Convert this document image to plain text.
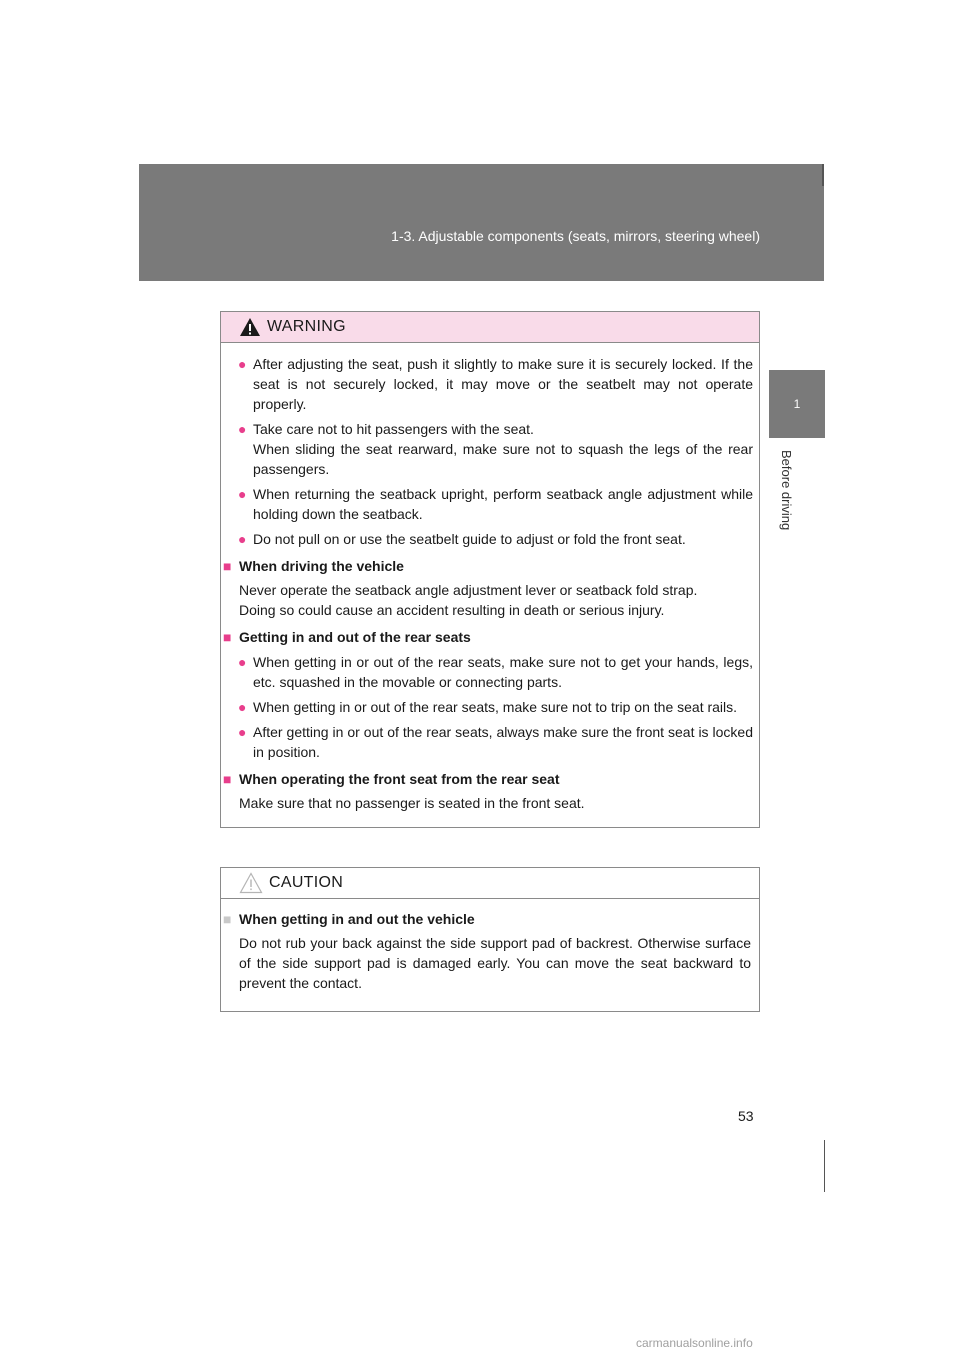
1-3. Adjustable components (seats, mirrors, steering wheel)
1
Before driving
WARNING
● After adjusting the seat, push it slightly to make sure it is securely locked. If the seat is not securely locked, it may move or the seatbelt may not operate properly.
● Take care not to hit passengers with the seat.
When sliding the seat rearward, make sure not to squash the legs of the rear passengers.
● When returning the seatback upright, perform seatback angle adjustment while holding down the seatback.
● Do not pull on or use the seatbelt guide to adjust or fold the front seat.
■ When driving the vehicle
Never operate the seatback angle adjustment lever or seatback fold strap.
Doing so could cause an accident resulting in death or serious injury.
■ Getting in and out of the rear seats
● When getting in or out of the rear seats, make sure not to get your hands, legs, etc. squashed in the movable or connecting parts.
● When getting in or out of the rear seats, make sure not to trip on the seat rails.
● After getting in or out of the rear seats, always make sure the front seat is locked in position.
■ When operating the front seat from the rear seat
Make sure that no passenger is seated in the front seat.
CAUTION
■ When getting in and out the vehicle
Do not rub your back against the side support pad of backrest. Otherwise surface of the side support pad is damaged early. You can move the seat backward to prevent the contact.
53
carmanualsonline.info
